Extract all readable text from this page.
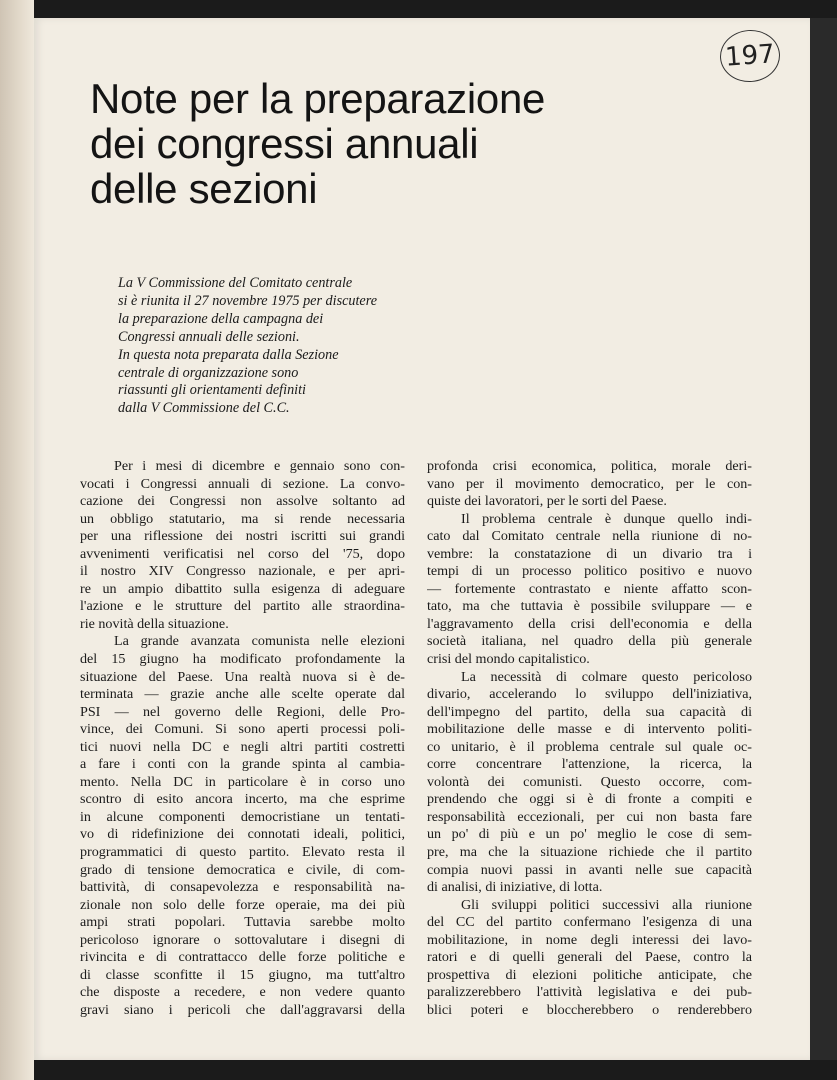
197
Note per la preparazione
dei congressi annuali
delle sezioni
La V Commissione del Comitato centrale
si è riunita il 27 novembre 1975 per discutere
la preparazione della campagna dei
Congressi annuali delle sezioni.
In questa nota preparata dalla Sezione
centrale di organizzazione sono
riassunti gli orientamenti definiti
dalla V Commissione del C.C.
Per i mesi di dicembre e gennaio sono con-
vocati i Congressi annuali di sezione. La convo-
cazione dei Congressi non assolve soltanto ad
un obbligo statutario, ma si rende necessaria
per una riflessione dei nostri iscritti sui grandi
avvenimenti verificatisi nel corso del '75, dopo
il nostro XIV Congresso nazionale, e per apri-
re un ampio dibattito sulla esigenza di adeguare
l'azione e le strutture del partito alle straordina-
rie novità della situazione.
La grande avanzata comunista nelle elezioni
del 15 giugno ha modificato profondamente la
situazione del Paese. Una realtà nuova si è de-
terminata — grazie anche alle scelte operate dal
PSI — nel governo delle Regioni, delle Pro-
vince, dei Comuni. Si sono aperti processi poli-
tici nuovi nella DC e negli altri partiti costretti
a fare i conti con la grande spinta al cambia-
mento. Nella DC in particolare è in corso uno
scontro di esito ancora incerto, ma che esprime
in alcune componenti democristiane un tentati-
vo di ridefinizione dei connotati ideali, politici,
programmatici di questo partito. Elevato resta il
grado di tensione democratica e civile, di com-
battività, di consapevolezza e responsabilità na-
zionale non solo delle forze operaie, ma dei più
ampi strati popolari. Tuttavia sarebbe molto
pericoloso ignorare o sottovalutare i disegni di
rivincita e di contrattacco delle forze politiche e
di classe sconfitte il 15 giugno, ma tutt'altro
che disposte a recedere, e non vedere quanto
gravi siano i pericoli che dall'aggravarsi della
profonda crisi economica, politica, morale deri-
vano per il movimento democratico, per le con-
quiste dei lavoratori, per le sorti del Paese.
Il problema centrale è dunque quello indi-
cato dal Comitato centrale nella riunione di no-
vembre: la constatazione di un divario tra i
tempi di un processo politico positivo e nuovo
— fortemente contrastato e niente affatto scon-
tato, ma che tuttavia è possibile sviluppare — e
l'aggravamento della crisi dell'economia e della
società italiana, nel quadro della più generale
crisi del mondo capitalistico.
La necessità di colmare questo pericoloso
divario, accelerando lo sviluppo dell'iniziativa,
dell'impegno del partito, della sua capacità di
mobilitazione delle masse e di intervento politi-
co unitario, è il problema centrale sul quale oc-
corre concentrare l'attenzione, la ricerca, la
volontà dei comunisti. Questo occorre, com-
prendendo che oggi si è di fronte a compiti e
responsabilità eccezionali, per cui non basta fare
un po' di più e un po' meglio le cose di sem-
pre, ma che la situazione richiede che il partito
compia nuovi passi in avanti nelle sue capacità
di analisi, di iniziative, di lotta.
Gli sviluppi politici successivi alla riunione
del CC del partito confermano l'esigenza di una
mobilitazione, in nome degli interessi dei lavo-
ratori e di quelli generali del Paese, contro la
prospettiva di elezioni politiche anticipate, che
paralizzerebbero l'attività legislativa e dei pub-
blici poteri e bloccherebbero o renderebbero
